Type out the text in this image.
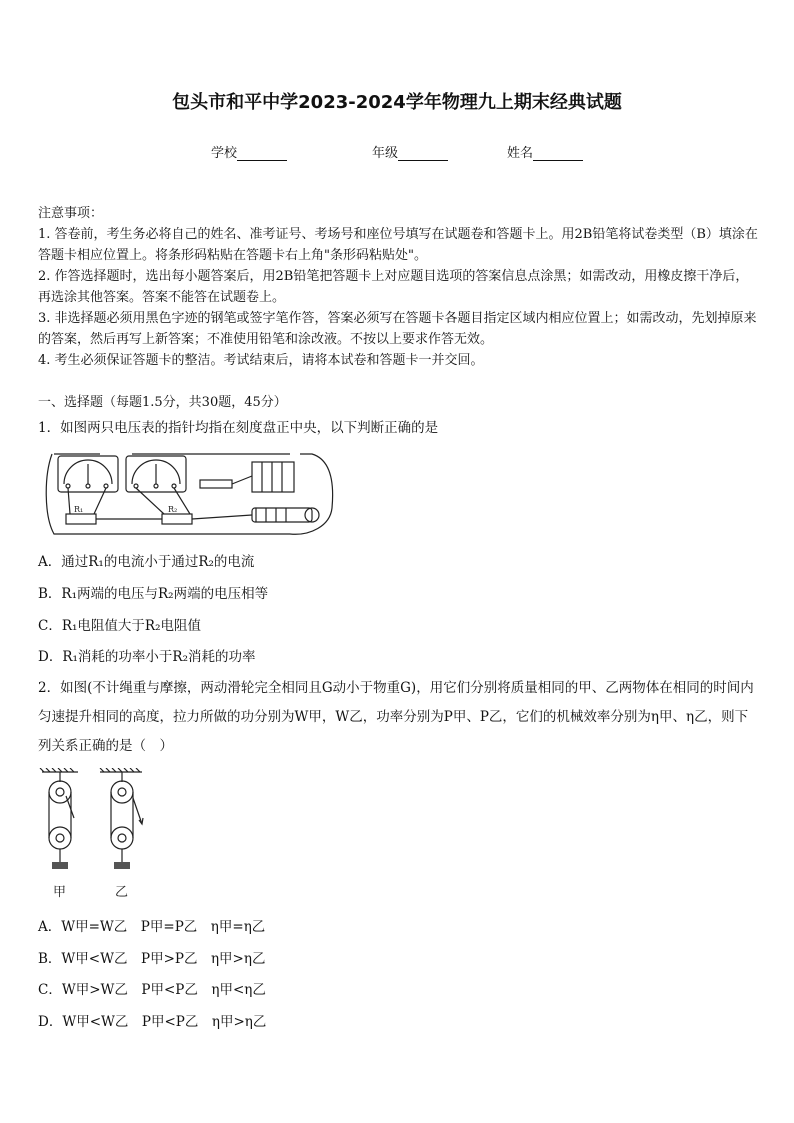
包头市和平中学2023-2024学年物理九上期末经典试题
学校	年级	姓名

注意事项：

1. 答卷前，考生务必将自己的姓名、准考证号、考场号和座位号填写在试题卷和答题卡上。用2B铅笔将试卷类型（B）填涂在答题卡相应位置上。将条形码粘贴在答题卡右上角"条形码粘贴处"。

2. 作答选择题时，选出每小题答案后，用2B铅笔把答题卡上对应题目选项的答案信息点涂黑；如需改动，用橡皮擦干净后，再选涂其他答案。答案不能答在试题卷上。

3. 非选择题必须用黑色字迹的钢笔或签字笔作答，答案必须写在答题卡各题目指定区域内相应位置上；如需改动，先划掉原来的答案，然后再写上新答案；不准使用铅笔和涂改液。不按以上要求作答无效。

4. 考生必须保证答题卡的整洁。考试结束后，请将本试卷和答题卡一并交回。

一、选择题（每题1.5分，共30题，45分）
1．如图两只电压表的指针均指在刻度盘正中央，以下判断正确的是
R₁	R₂
A．通过R₁的电流小于通过R₂的电流
B．R₁两端的电压与R₂两端的电压相等
C．R₁电阻值大于R₂电阻值
D．R₁消耗的功率小于R₂消耗的功率
2．如图(不计绳重与摩擦，两动滑轮完全相同且G动小于物重G)，用它们分别将质量相同的甲、乙两物体在相同的时间内匀速提升相同的高度，拉力所做的功分别为W甲，W乙，功率分别为P甲、P乙，它们的机械效率分别为η甲、η乙，则下列关系正确的是（　）
甲	乙
A．W甲=W乙　P甲=P乙　η甲=η乙
B．W甲<W乙　P甲>P乙　η甲>η乙
C．W甲>W乙　P甲<P乙　η甲<η乙
D．W甲<W乙　P甲<P乙　η甲>η乙
